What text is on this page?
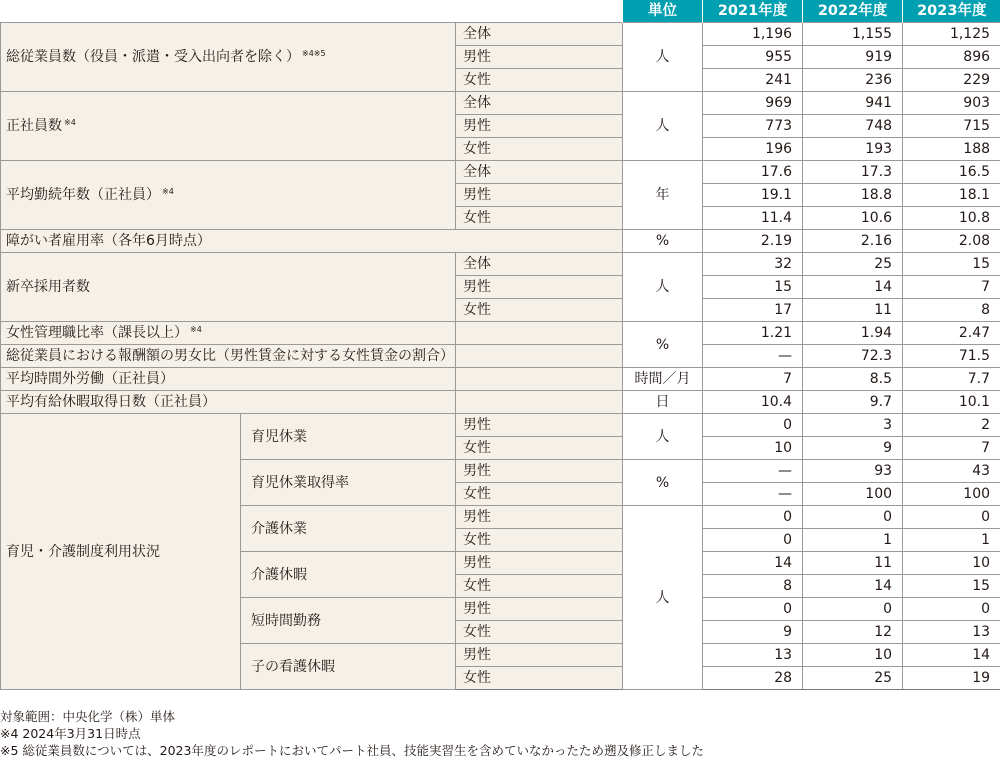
			単位	2021年度	2022年度	2023年度
総従業員数（役員・派遣・受入出向者を除く） $^{※4※5}$		全体	人	1,196	1,155	1,125
		男性		955	919	896
		女性		241	236	229
正社員数 $^{※4}$		全体	人	969	941	903
		男性		773	748	715
		女性		196	193	188
平均勤続年数（正社員） $^{※4}$		全体	年	17.6	17.3	16.5
		男性		19.1	18.8	18.1
		女性		11.4	10.6	10.8
障がい者雇用率（各年6月時点）			%	2.19	2.16	2.08
新卒採用者数		全体	人	32	25	15
		男性		15	14	7
		女性		17	11	8
女性管理職比率（課長以上） $^{※4}$			%	1.21	1.94	2.47
総従業員における報酬額の男女比（男性賃金に対する女性賃金の割合）				—	72.3	71.5
平均時間外労働（正社員）			時間／月	7	8.5	7.7
平均有給休暇取得日数（正社員）			日	10.4	9.7	10.1
育児・介護制度利用状況	育児休業	男性	人	0	3	2
		女性		10	9	7
	育児休業取得率	男性	%	—	93	43
		女性		—	100	100
	介護休業	男性	人	0	0	0
		女性		0	1	1
	介護休暇	男性		14	11	10
		女性		8	14	15
	短時間勤務	男性		0	0	0
		女性		9	12	13
	子の看護休暇	男性		13	10	14
		女性		28	25	19
対象範囲：中央化学（株）単体
※4 2024年3月31日時点
※5 総従業員数については、2023年度のレポートにおいてパート社員、技能実習生を含めていなかったため遡及修正しました
